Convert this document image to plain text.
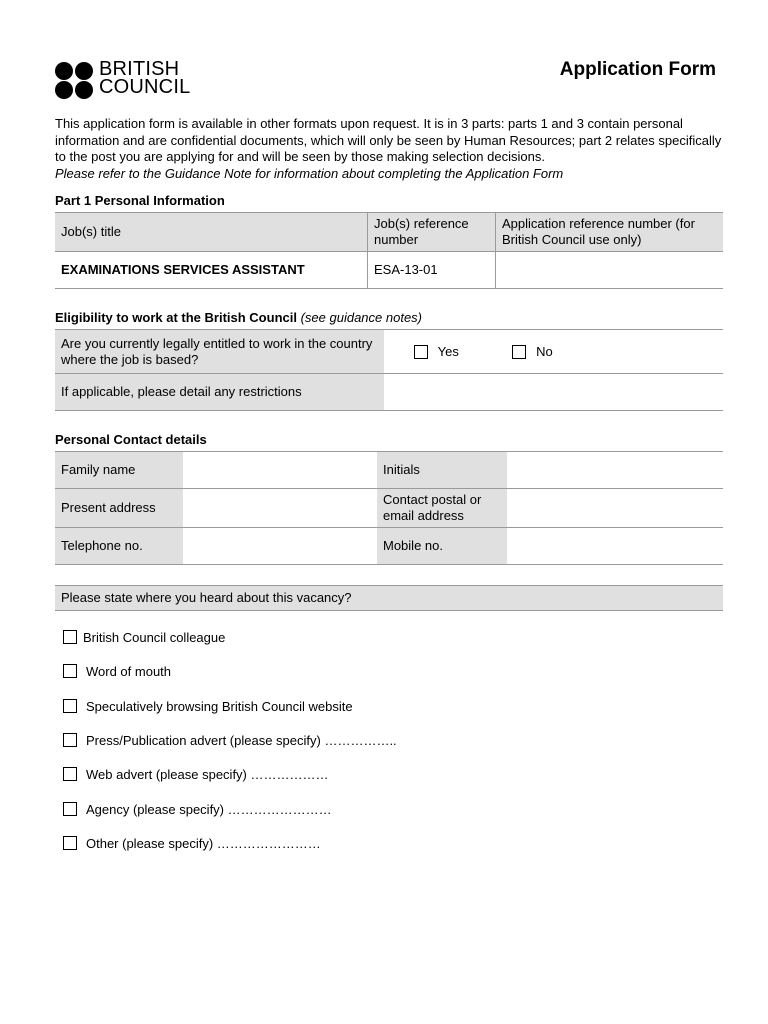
BRITISH
COUNCIL
Application Form
This application form is available in other formats upon request. It is in 3 parts: parts 1 and 3 contain personal information and are confidential documents, which will only be seen by Human Resources; part 2 relates specifically to the post you are applying for and will be seen by those making selection decisions.
Please refer to the Guidance Note for information about completing the Application Form
Part 1 Personal Information
Job(s) title	Job(s) reference number	Application reference number (for British Council use only)
EXAMINATIONS SERVICES ASSISTANT	ESA-13-01	
Eligibility to work at the British Council (see guidance notes)
Are you currently legally entitled to work in the country where the job is based?	Yes No
If applicable, please detail any restrictions	
Personal Contact details
Family name		Initials	
Present address		Contact postal or email address	
Telephone no.		Mobile no.	
Please state where you heard about this vacancy?
British Council colleague
Word of mouth
Speculatively browsing British Council website
Press/Publication advert (please specify) ……………..
Web advert (please specify) ………………
Agency (please specify) ……………………
Other (please specify) ……………………
